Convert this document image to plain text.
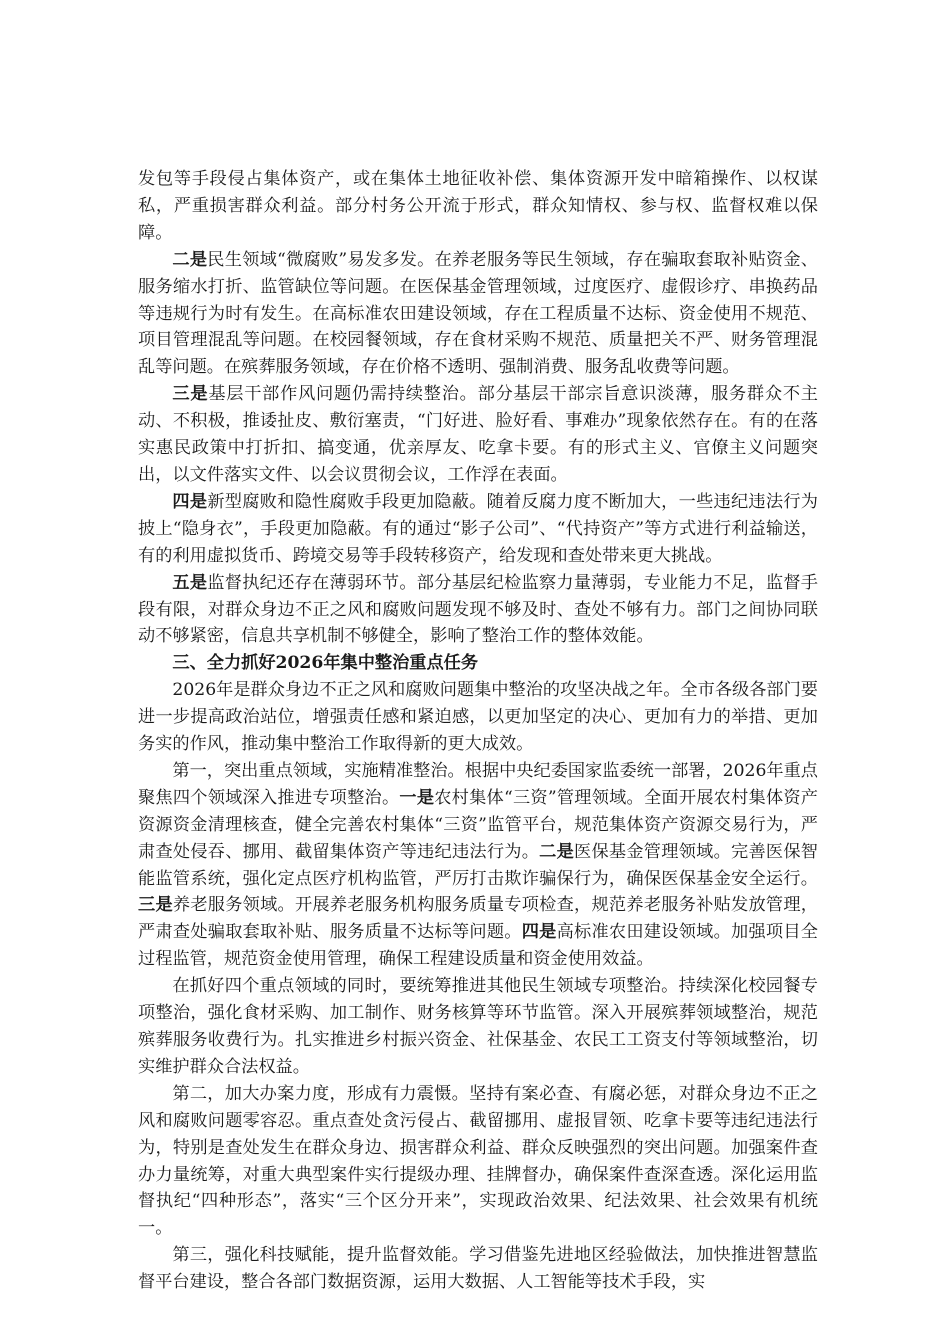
发包等手段侵占集体资产，或在集体土地征收补偿、集体资源开发中暗箱操作、以权谋私，严重损害群众利益。部分村务公开流于形式，群众知情权、参与权、监督权难以保障。

二是民生领域“微腐败”易发多发。在养老服务等民生领域，存在骗取套取补贴资金、服务缩水打折、监管缺位等问题。在医保基金管理领域，过度医疗、虚假诊疗、串换药品等违规行为时有发生。在高标准农田建设领域，存在工程质量不达标、资金使用不规范、项目管理混乱等问题。在校园餐领域，存在食材采购不规范、质量把关不严、财务管理混乱等问题。在殡葬服务领域，存在价格不透明、强制消费、服务乱收费等问题。

三是基层干部作风问题仍需持续整治。部分基层干部宗旨意识淡薄，服务群众不主动、不积极，推诿扯皮、敷衍塞责，“门好进、脸好看、事难办”现象依然存在。有的在落实惠民政策中打折扣、搞变通，优亲厚友、吃拿卡要。有的形式主义、官僚主义问题突出，以文件落实文件、以会议贯彻会议，工作浮在表面。

四是新型腐败和隐性腐败手段更加隐蔽。随着反腐力度不断加大，一些违纪违法行为披上“隐身衣”，手段更加隐蔽。有的通过“影子公司”、“代持资产”等方式进行利益输送，有的利用虚拟货币、跨境交易等手段转移资产，给发现和查处带来更大挑战。

五是监督执纪还存在薄弱环节。部分基层纪检监察力量薄弱，专业能力不足，监督手段有限，对群众身边不正之风和腐败问题发现不够及时、查处不够有力。部门之间协同联动不够紧密，信息共享机制不够健全，影响了整治工作的整体效能。

三、全力抓好2026年集中整治重点任务

2026年是群众身边不正之风和腐败问题集中整治的攻坚决战之年。全市各级各部门要进一步提高政治站位，增强责任感和紧迫感，以更加坚定的决心、更加有力的举措、更加务实的作风，推动集中整治工作取得新的更大成效。

第一，突出重点领域，实施精准整治。根据中央纪委国家监委统一部署，2026年重点聚焦四个领域深入推进专项整治。一是农村集体“三资”管理领域。全面开展农村集体资产资源资金清理核查，健全完善农村集体“三资”监管平台，规范集体资产资源交易行为，严肃查处侵吞、挪用、截留集体资产等违纪违法行为。二是医保基金管理领域。完善医保智能监管系统，强化定点医疗机构监管，严厉打击欺诈骗保行为，确保医保基金安全运行。三是养老服务领域。开展养老服务机构服务质量专项检查，规范养老服务补贴发放管理，严肃查处骗取套取补贴、服务质量不达标等问题。四是高标准农田建设领域。加强项目全过程监管，规范资金使用管理，确保工程建设质量和资金使用效益。

在抓好四个重点领域的同时，要统筹推进其他民生领域专项整治。持续深化校园餐专项整治，强化食材采购、加工制作、财务核算等环节监管。深入开展殡葬领域整治，规范殡葬服务收费行为。扎实推进乡村振兴资金、社保基金、农民工工资支付等领域整治，切实维护群众合法权益。

第二，加大办案力度，形成有力震慑。坚持有案必查、有腐必惩，对群众身边不正之风和腐败问题零容忍。重点查处贪污侵占、截留挪用、虚报冒领、吃拿卡要等违纪违法行为，特别是查处发生在群众身边、损害群众利益、群众反映强烈的突出问题。加强案件查办力量统筹，对重大典型案件实行提级办理、挂牌督办，确保案件查深查透。深化运用监督执纪“四种形态”，落实“三个区分开来”，实现政治效果、纪法效果、社会效果有机统一。

第三，强化科技赋能，提升监督效能。学习借鉴先进地区经验做法，加快推进智慧监督平台建设，整合各部门数据资源，运用大数据、人工智能等技术手段，实
